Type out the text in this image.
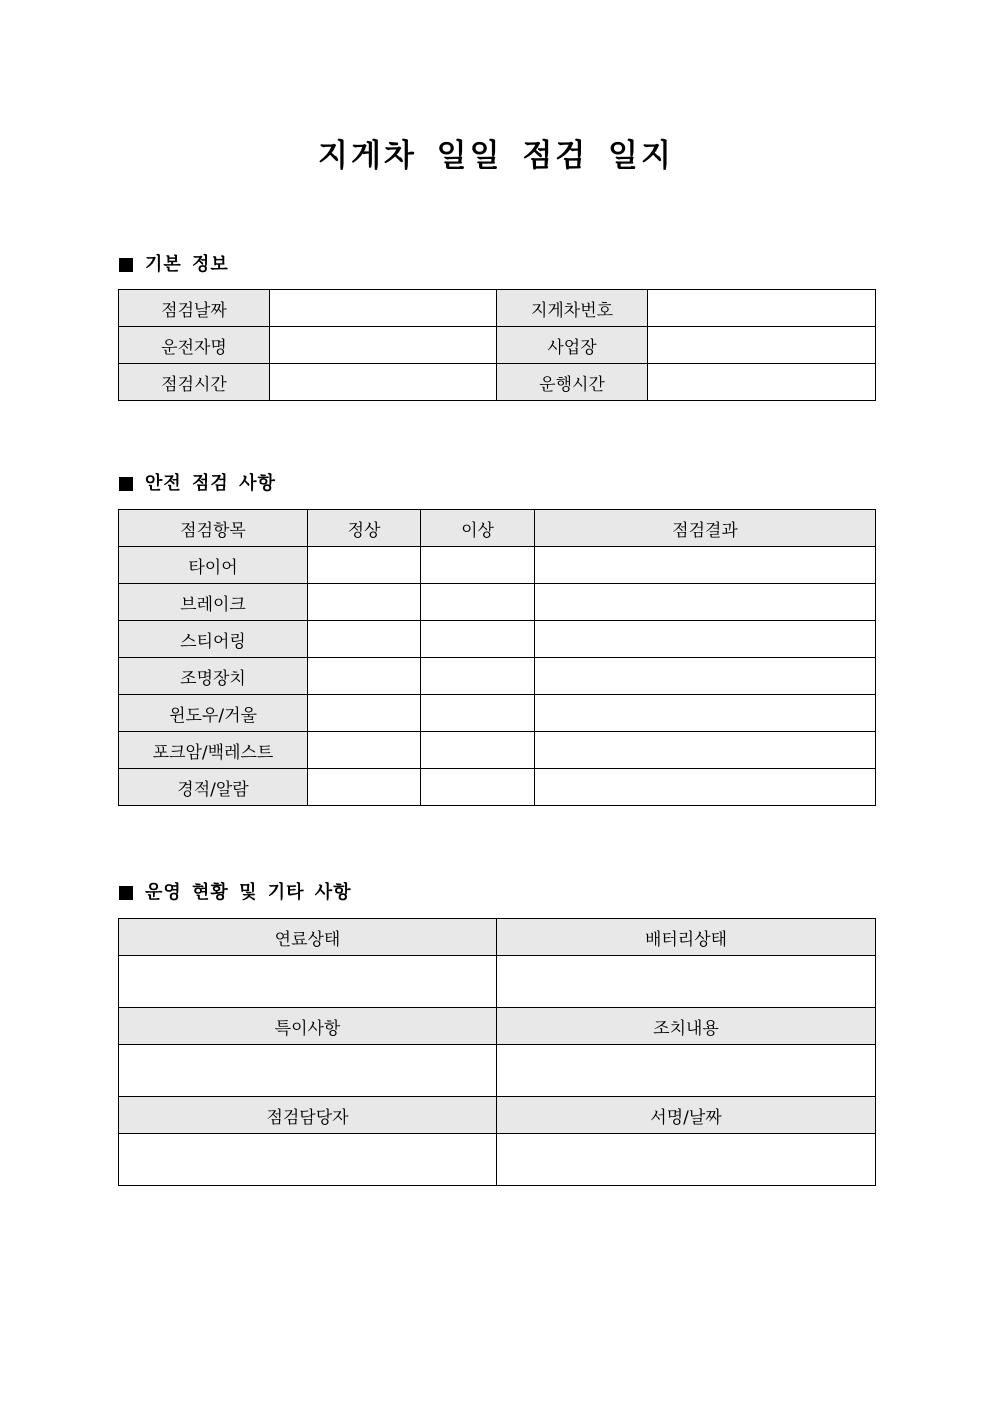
지게차 일일 점검 일지
기본 정보
점검날짜		지게차번호	
운전자명		사업장	
점검시간		운행시간	
안전 점검 사항
점검항목	정상	이상	점검결과
타이어			
브레이크			
스티어링			
조명장치			
윈도우/거울			
포크암/백레스트			
경적/알람			
운영 현황 및 기타 사항
연료상태	배터리상태

특이사항	조치내용

점검담당자	서명/날짜
